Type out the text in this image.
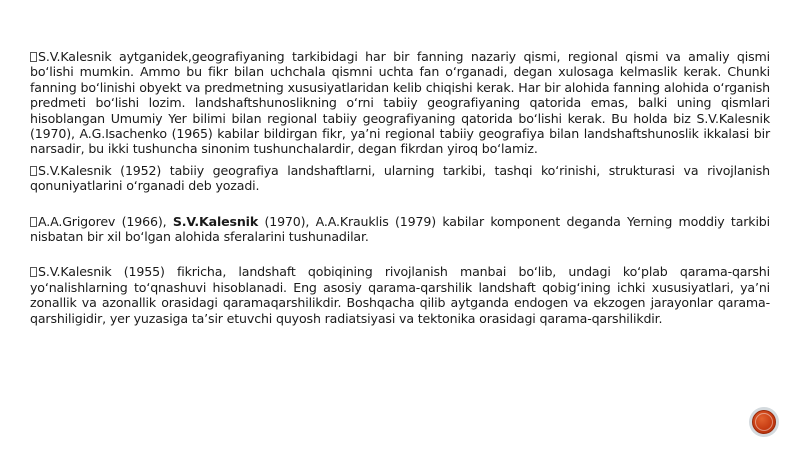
S.V.Kalesnik aytganidek,geografiyaning tarkibidagi har bir fanning nazariy qismi, regional qismi va amaliy qismi bo‘lishi mumkin. Ammo bu fikr bilan uchchala qismni uchta fan o‘rganadi, degan xulosaga kelmaslik kerak. Chunki fanning bo‘linishi obyekt va predmetning xususiyatlaridan kelib chiqishi kerak. Har bir alohida fanning alohida o‘rganish predmeti bo‘lishi lozim. landshaftshunoslikning o‘rni tabiiy geografiyaning qatorida emas, balki uning qismlari hisoblangan Umumiy Yer bilimi bilan regional tabiiy geografiyaning qatorida bo‘lishi kerak. Bu holda biz S.V.Kalesnik (1970), A.G.Isachenko (1965) kabilar bildirgan fikr, ya’ni regional tabiiy geografiya bilan landshaftshunoslik ikkalasi bir narsadir, bu ikki tushuncha sinonim tushunchalardir, degan fikrdan yiroq bo‘lamiz.

S.V.Kalesnik (1952) tabiiy geografiya landshaftlarni, ularning tarkibi, tashqi ko‘rinishi, strukturasi va rivojlanish qonuniyatlarini o‘rganadi deb yozadi.

A.A.Grigorev (1966), S.V.Kalesnik (1970), A.A.Krauklis (1979) kabilar komponent deganda Yerning moddiy tarkibi nisbatan bir xil bo‘lgan alohida sferalarini tushunadilar.

S.V.Kalesnik (1955) fikricha, landshaft qobiqining rivojlanish manbai bo‘lib, undagi ko‘plab qarama-qarshi yo‘nalishlarning to‘qnashuvi hisoblanadi. Eng asosiy qarama-qarshilik landshaft qobig‘ining ichki xususiyatlari, ya’ni zonallik va azonallik orasidagi qaramaqarshilikdir. Boshqacha qilib aytganda endogen va ekzogen jarayonlar qarama-qarshiligidir, yer yuzasiga ta’sir etuvchi quyosh radiatsiyasi va tektonika orasidagi qarama-qarshilikdir.
